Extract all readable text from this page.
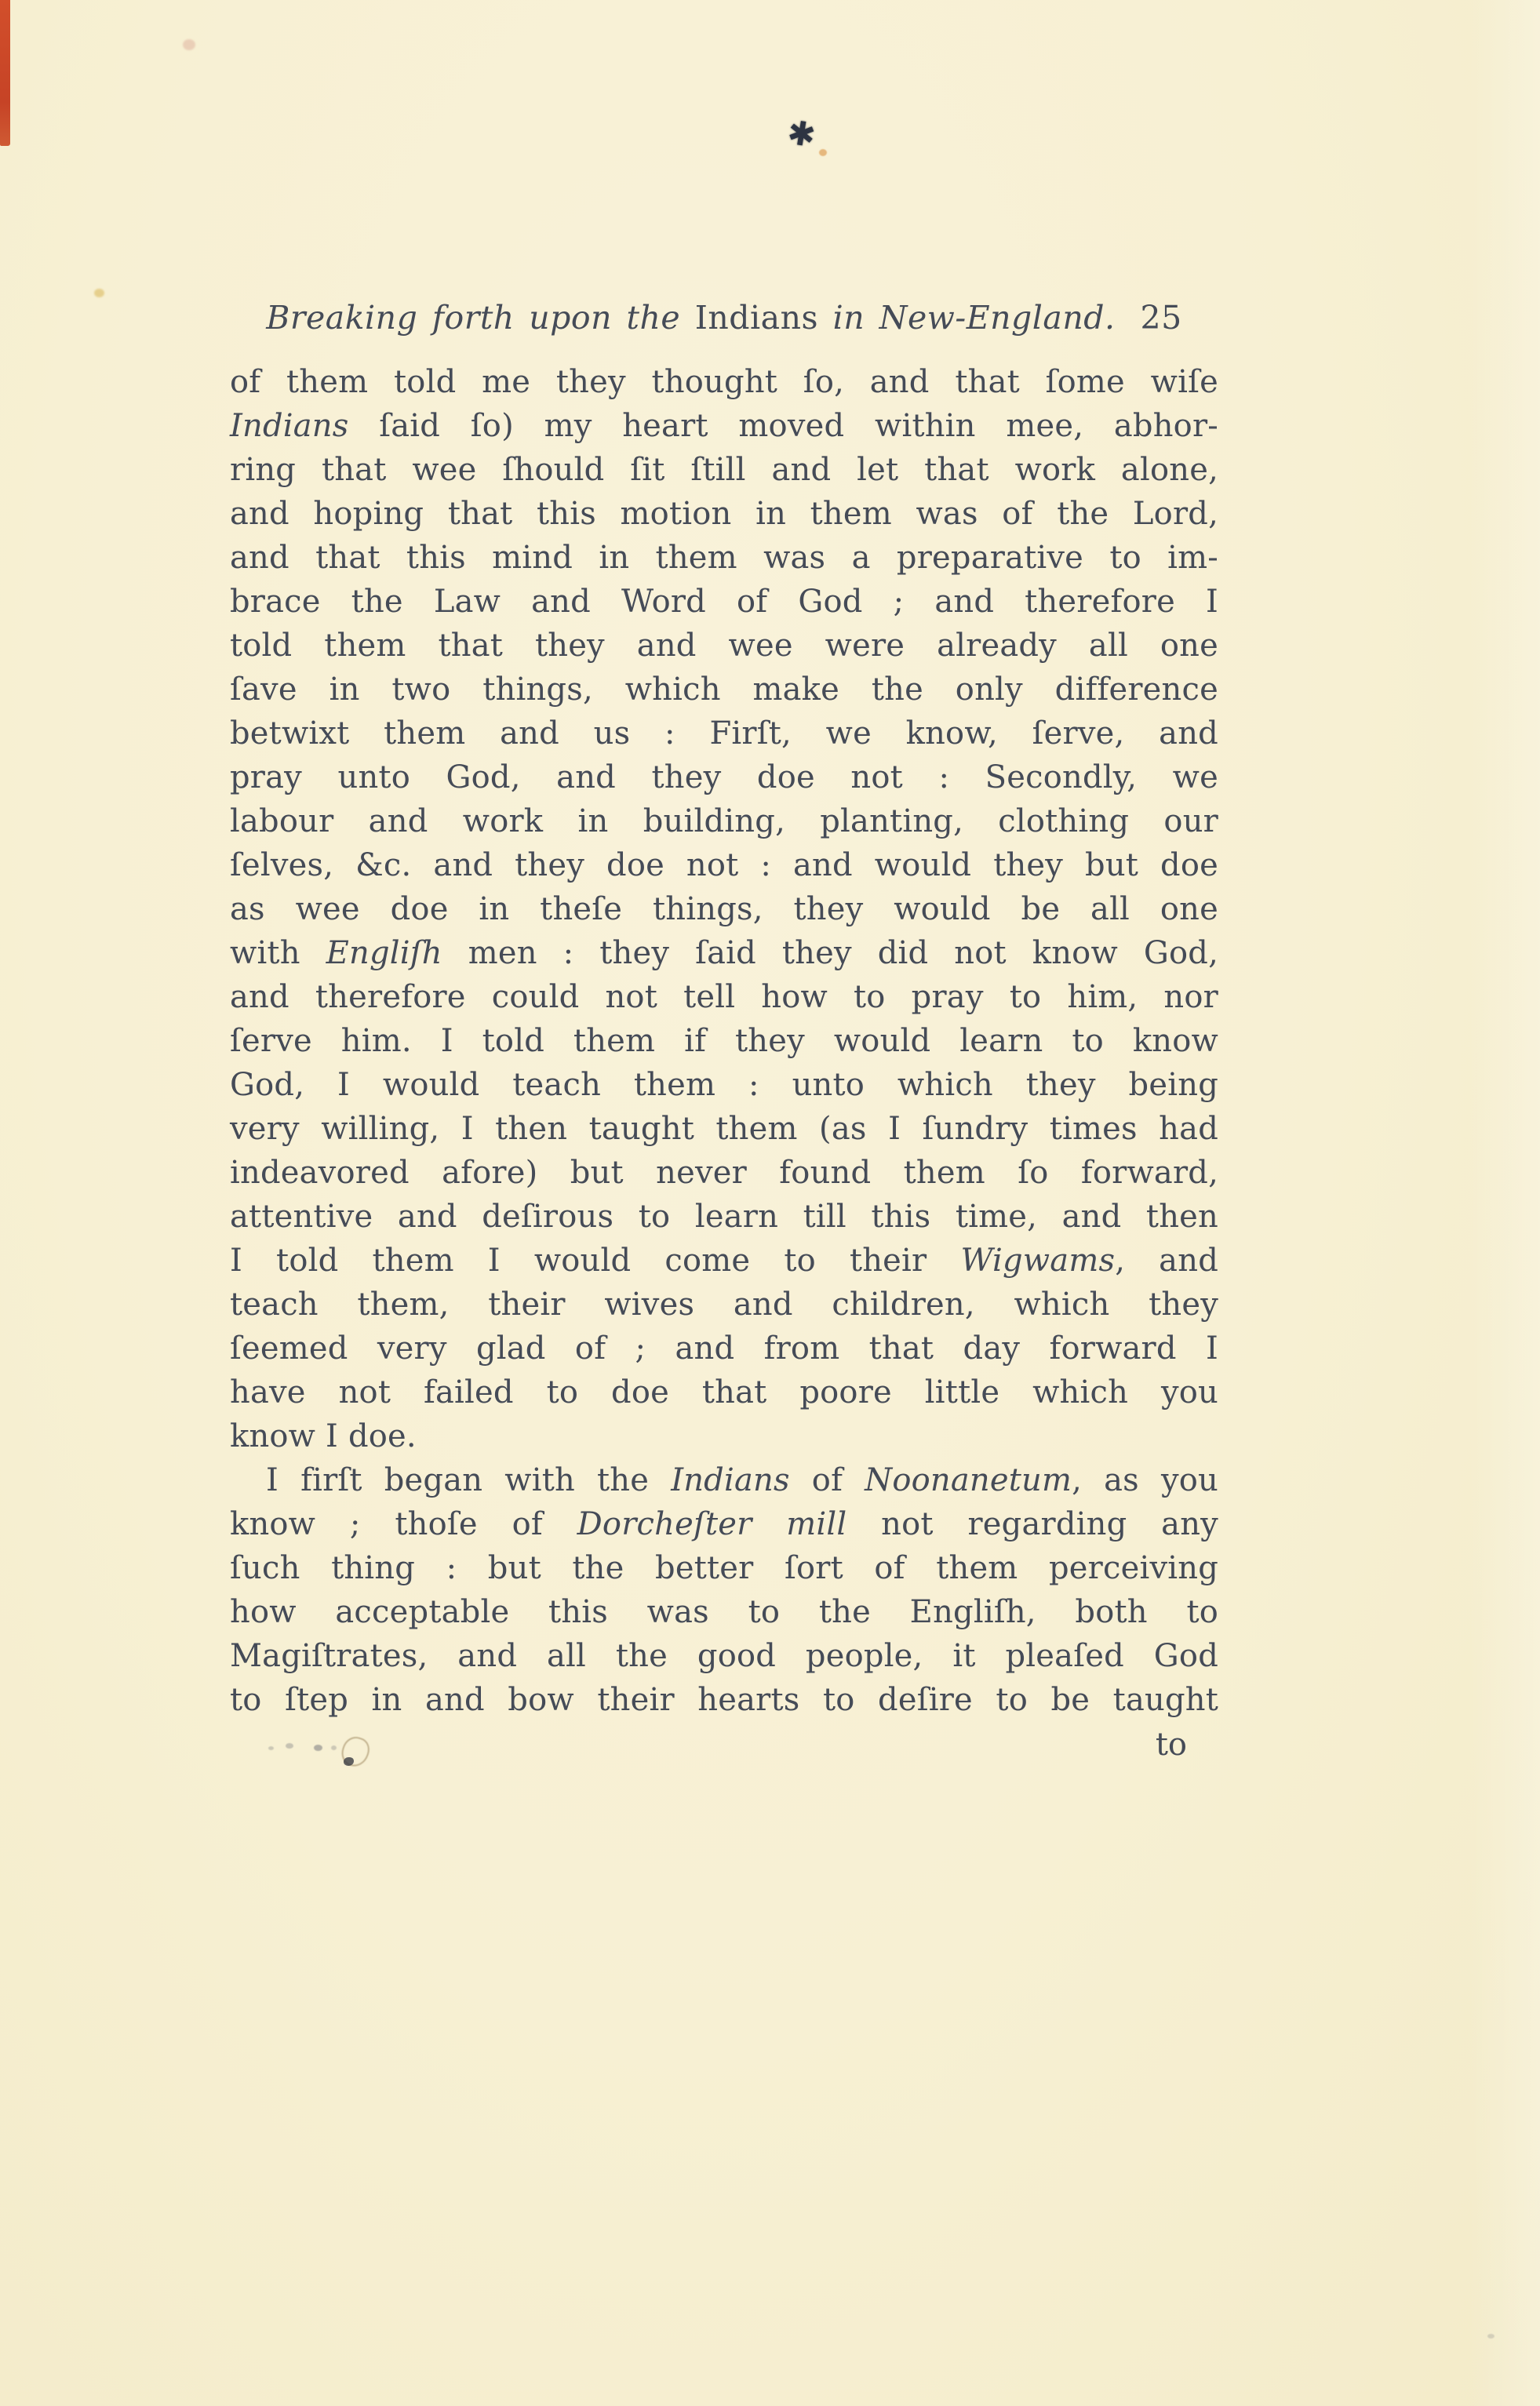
✱
Breaking forth upon the Indians in New-England. 25
of them told me they thought ſo, and that ſome wiſe
Indians ſaid ſo) my heart moved within mee, abhor-
ring that wee ſhould ſit ſtill and let that work alone,
and hoping that this motion in them was of the Lord,
and that this mind in them was a preparative to im-
brace the Law and Word of God ; and therefore I
told them that they and wee were already all one
ſave in two things, which make the only difference
betwixt them and us : Firſt, we know, ſerve, and
pray unto God, and they doe not : Secondly, we
labour and work in building, planting, clothing our
ſelves, &c. and they doe not : and would they but doe
as wee doe in theſe things, they would be all one
with Engliſh men : they ſaid they did not know God,
and therefore could not tell how to pray to him, nor
ſerve him. I told them if they would learn to know
God, I would teach them : unto which they being
very willing, I then taught them (as I ſundry times had
indeavored afore) but never found them ſo forward,
attentive and deſirous to learn till this time, and then
I told them I would come to their Wigwams, and
teach them, their wives and children, which they
ſeemed very glad of ; and from that day forward I
have not failed to doe that poore little which you
know I doe.
I firſt began with the Indians of Noonanetum, as you
know ; thoſe of Dorcheſter mill not regarding any
ſuch thing : but the better ſort of them perceiving
how acceptable this was to the Engliſh, both to
Magiſtrates, and all the good people, it pleaſed God
to ſtep in and bow their hearts to deſire to be taught
to
